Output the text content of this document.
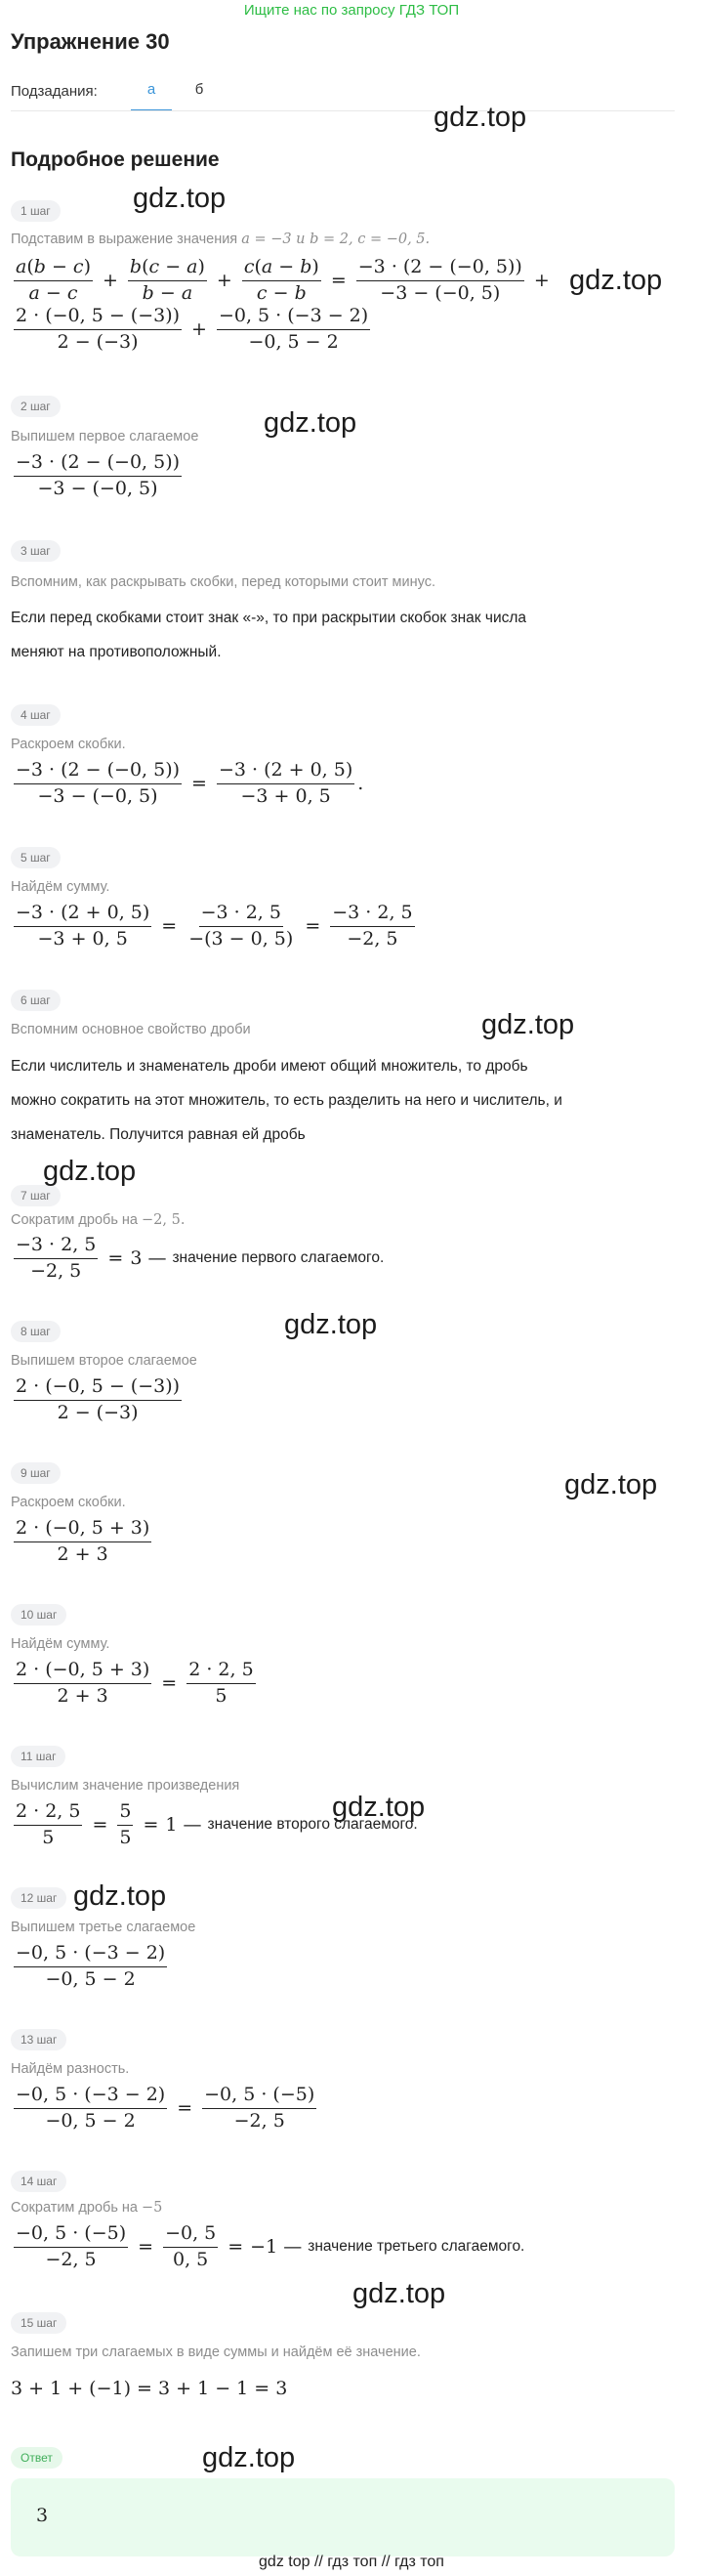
Ищите нас по запросу ГДЗ ТОП
Упражнение 30
Подзадания:	а	б
Подробное решение
1 шаг
Подставим в выражение значения a = −3 и b = 2, c = −0, 5.
$\frac{a(b - c)}{a - c} + \frac{b(c - a)}{b - a} + \frac{c(a - b)}{c - b} = \frac{-3 \cdot (2 - (-0, 5))}{-3 - (-0, 5)}$ +
$\frac{2 \cdot (-0, 5 - (-3))}{2 - (-3)} + \frac{-0, 5 \cdot (-3 - 2)}{-0, 5 - 2}$
2 шаг
Выпишем первое слагаемое
$\frac{-3 \cdot (2 - (-0, 5))}{-3 - (-0, 5)}$
3 шаг
Вспомним, как раскрывать скобки, перед которыми стоит минус.
Если перед скобками стоит знак «-», то при раскрытии скобок знак числа
меняют на противоположный.
4 шаг
Раскроем скобки.
$\frac{-3 \cdot (2 - (-0, 5))}{-3 - (-0, 5)} = \frac{-3 \cdot (2 + 0, 5)}{-3 + 0, 5}$ .
5 шаг
Найдём сумму.
$\frac{-3 \cdot (2 + 0, 5)}{-3 + 0, 5} = \frac{-3 \cdot 2, 5}{-(3 - 0, 5)} = \frac{-3 \cdot 2, 5}{-2, 5}$
6 шаг
Вспомним основное свойство дроби
Если числитель и знаменатель дроби имеют общий множитель, то дробь
можно сократить на этот множитель, то есть разделить на него и числитель, и
знаменатель. Получится равная ей дробь
7 шаг
Сократим дробь на −2, 5.
$\frac{-3 \cdot 2, 5}{-2, 5} = 3$ — значение первого слагаемого.
8 шаг
Выпишем второе слагаемое
$\frac{2 \cdot (-0, 5 - (-3))}{2 - (-3)}$
9 шаг
Раскроем скобки.
$\frac{2 \cdot (-0, 5 + 3)}{2 + 3}$
10 шаг
Найдём сумму.
$\frac{2 \cdot (-0, 5 + 3)}{2 + 3} = \frac{2 \cdot 2, 5}{5}$
11 шаг
Вычислим значение произведения
$\frac{2 \cdot 2, 5}{5} = \frac{5}{5} = 1$ — значение второго слагаемого.
12 шаг
Выпишем третье слагаемое
$\frac{-0, 5 \cdot (-3 - 2)}{-0, 5 - 2}$
13 шаг
Найдём разность.
$\frac{-0, 5 \cdot (-3 - 2)}{-0, 5 - 2} = \frac{-0, 5 \cdot (-5)}{-2, 5}$
14 шаг
Сократим дробь на −5
$\frac{-0, 5 \cdot (-5)}{-2, 5} = \frac{-0, 5}{0, 5} = -1$ — значение третьего слагаемого.
15 шаг
Запишем три слагаемых в виде суммы и найдём её значение.
3 + 1 + (−1) = 3 + 1 − 1 = 3
Ответ
3
gdz.top
gdz.top
gdz.top
gdz.top
gdz.top
gdz.top
gdz.top
gdz.top
gdz.top
gdz.top
gdz.top
gdz.top
gdz top // гдз топ // гдз топ
